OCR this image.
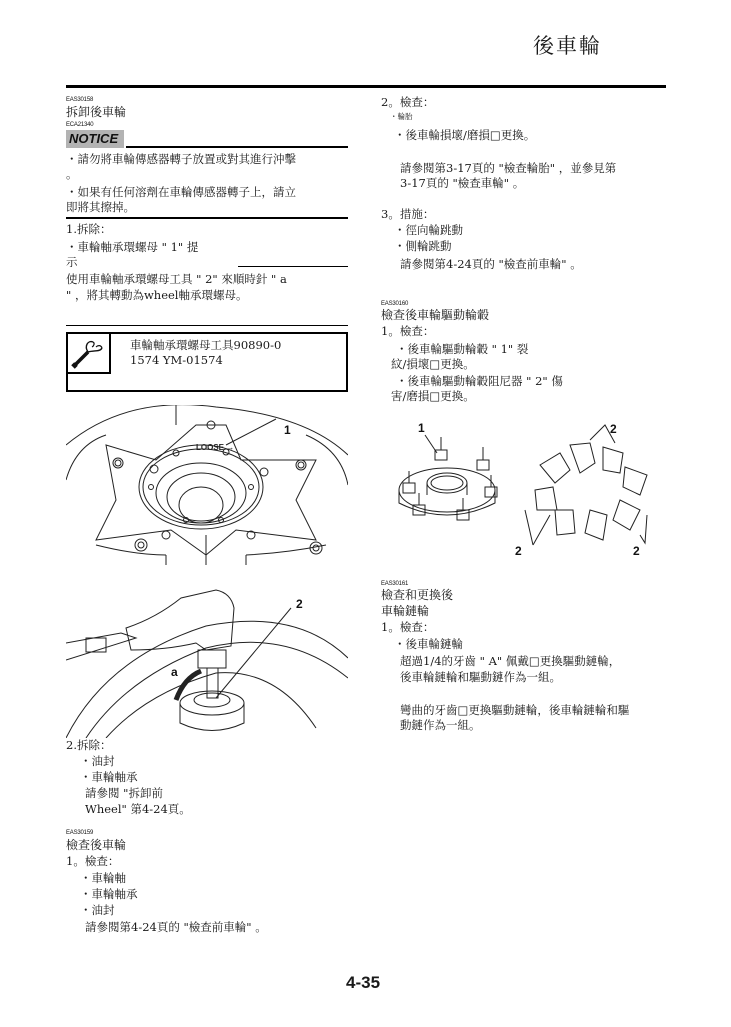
後車輪
EAS30158
拆卸後車輪
ECA21340
NOTICE
・請勿將車輪傳感器轉子放置或對其進行沖擊
。
・如果有任何溶劑在車輪傳感器轉子上，請立
即將其擦掉。
1.拆除：
・車輪軸承環螺母 " 1" 提
示
使用車輪軸承環螺母工具 " 2" 來順時針 " a
" ，將其轉動為wheel軸承環螺母。
車輪軸承環螺母工具90890-0
1574 YM-01574
LOOSE →
1
2
a
2.拆除：
・油封
・車輪軸承
請參閱 "拆卸前
Wheel" 第4-24頁。
EAS30159
檢查後車輪
1。檢查：
・車輪軸
・車輪軸承
・油封
請參閱第4-24頁的 "檢查前車輪" 。
2。檢查：
・輪胎
・後車輪損壞/磨損□更換。
請參閱第3-17頁的 "檢查輪胎" ，並參見第
3-17頁的 "檢查車輪" 。
3。措施：
・徑向輪跳動
・側輪跳動
請參閱第4-24頁的 "檢查前車輪" 。
EAS30160
檢查後車輪驅動輪轂
1。檢查：
・後車輪驅動輪轂 " 1" 裂
紋/損壞□更換。
・後車輪驅動輪轂阻尼器 " 2" 傷
害/磨損□更換。
1	2
2	2
EAS30161
檢查和更換後
車輪鏈輪
1。檢查：
・後車輪鏈輪
超過1/4的牙齒 " A" 佩戴□更換驅動鏈輪，
後車輪鏈輪和驅動鏈作為一組。
彎曲的牙齒□更換驅動鏈輪，後車輪鏈輪和驅
動鏈作為一組。
4-35
